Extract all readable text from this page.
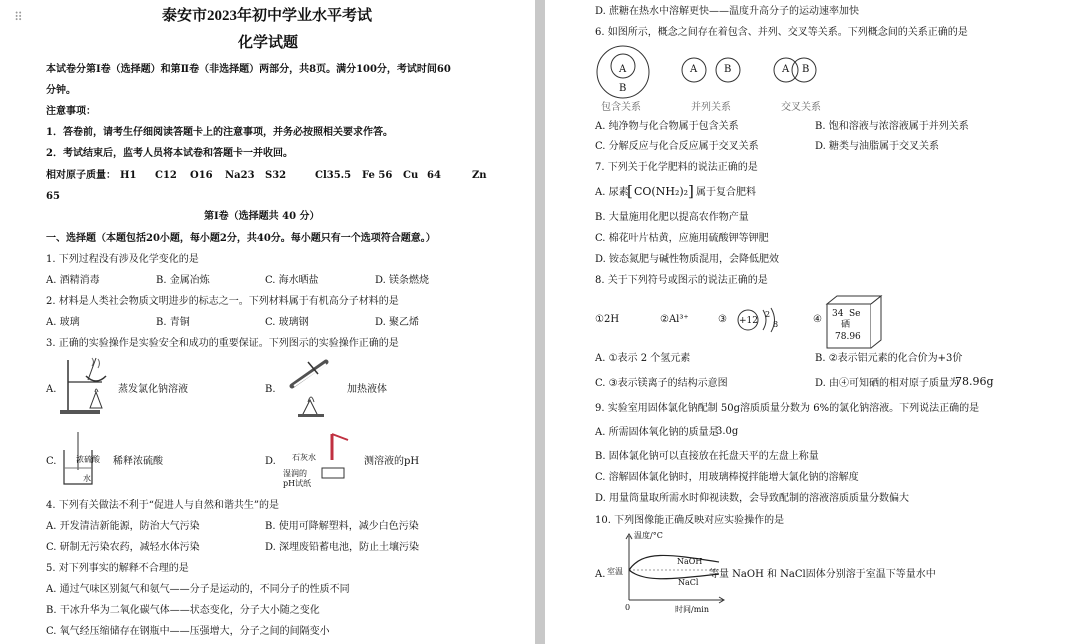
⠿	泰安市2023年初中学业水平考试
化学试题
本试卷分第Ⅰ卷（选择题）和第Ⅱ卷（非选择题）两部分，共8页。满分100分，考试时间60
分钟。
注意事项：
1．答卷前，请考生仔细阅读答题卡上的注意事项，并务必按照相关要求作答。
2．考试结束后，监考人员将本试卷和答题卡一并收回。
相对原子质量： H1 C12 O16 Na23 S32	Cl35.5 Fe 56 Cu 64	Zn
65
第Ⅰ卷（选择题共 40 分）
一、选择题（本题包括20小题，每小题2分，共40分。每小题只有一个选项符合题意。）
1. 下列过程没有涉及化学变化的是
A. 酒精消毒	B. 金属冶炼	C. 海水晒盐	D. 镁条燃烧
2. 材料是人类社会物质文明进步的标志之一。下列材料属于有机高分子材料的是
A. 玻璃	B. 青铜	C. 玻璃钢	D. 聚乙烯
3. 正确的实验操作是实验安全和成功的重要保证。下列图示的实验操作正确的是
A.	蒸发氯化钠溶液	B.	加热液体
C. 浓硫酸
水
稀释浓硫酸	D. 石灰水
湿润的
pH试纸
测溶液的pH
4. 下列有关做法不利于“促进人与自然和谐共生”的是
A. 开发清洁新能源，防治大气污染	B. 使用可降解塑料，减少白色污染
C. 研制无污染农药，减轻水体污染	D. 深埋废铅蓄电池，防止土壤污染
5. 对下列事实的解释不合理的是
A. 通过气味区别氮气和氨气——分子是运动的，不同分子的性质不同
B. 干冰升华为二氧化碳气体——状态变化，分子大小随之变化
C. 氧气经压缩储存在钢瓶中——压强增大，分子之间的间隔变小
D. 蔗糖在热水中溶解更快——温度升高分子的运动速率加快
6. 如图所示，概念之间存在着包含、并列、交叉等关系。下列概念间的关系正确的是
A
B
A	B	A B
包含关系	并列关系	交叉关系
A. 纯净物与化合物属于包含关系	B. 饱和溶液与浓溶液属于并列关系
C. 分解反应与化合反应属于交叉关系	D. 糖类与油脂属于交叉关系
7. 下列关于化学肥料的说法正确的是
A. 尿素
[ CO(NH₂)₂ ] 属于复合肥料
B. 大量施用化肥以提高农作物产量
C. 棉花叶片枯黄，应施用硫酸钾等钾肥
D. 铵态氮肥与碱性物质混用，会降低肥效
8. 关于下列符号或图示的说法正确的是
①2H	②Al³⁺	③ +12
2
8	④ 34 Se
硒
78.96
A. ①表示 2 个氢元素	B. ②表示铝元素的化合价为+3价
C. ③表示镁离子的结构示意图	D. 由④可知硒的相对原子质量为
78.96g
9. 实验室用固体氯化钠配制 50g溶质质量分数为 6%的氯化钠溶液。下列说法正确的是
A. 所需固体氧化钠的质量是
3.0g
B. 固体氯化钠可以直接放在托盘天平的左盘上称量
C. 溶解固体氯化钠时，用玻璃棒搅拌能增大氯化钠的溶解度
D. 用量筒量取所需水时仰视读数，会导致配制的溶液溶质质量分数偏大
10. 下列图像能正确反映对应实验操作的是
A.
温度/°C
室温
NaOH
NaCl
0	时间/min
等量 NaOH 和 NaCl固体分别溶于室温下等量水中
